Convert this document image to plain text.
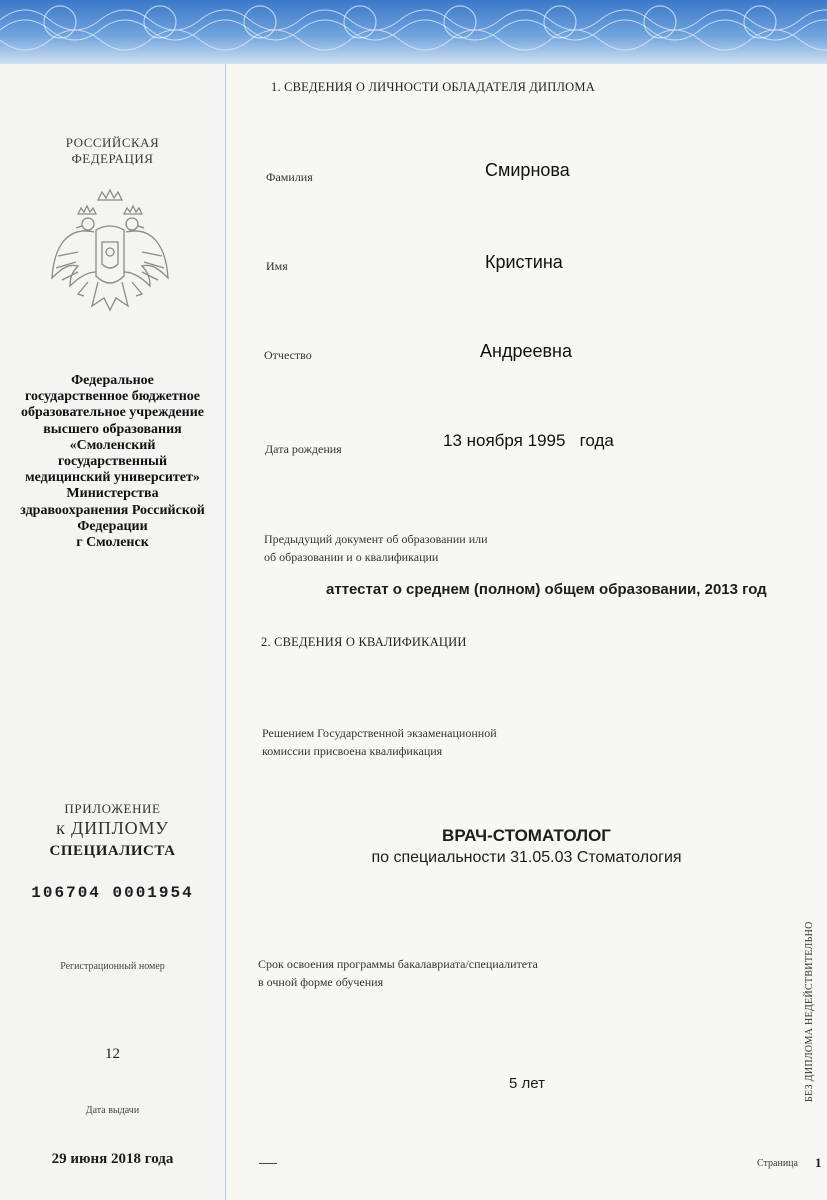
РОССИЙСКАЯ
ФЕДЕРАЦИЯ
Федеральное
государственное бюджетное
образовательное учреждение
высшего образования
«Смоленский
государственный
медицинский университет»
Министерства
здравоохранения Российской
Федерации
г Смоленск
ПРИЛОЖЕНИЕ
к ДИПЛОМУ
СПЕЦИАЛИСТА
106704 0001954
Регистрационный номер
12
Дата выдачи
29 июня 2018 года
1. СВЕДЕНИЯ О ЛИЧНОСТИ ОБЛАДАТЕЛЯ ДИПЛОМА
Фамилия	Смирнова
Имя	Кристина
Отчество	Андреевна
Дата рождения	13 ноября 1995   года
Предыдущий документ об образовании или
об образовании и о квалификации
аттестат о среднем (полном) общем образовании, 2013 год
2. СВЕДЕНИЯ О КВАЛИФИКАЦИИ
Решением Государственной экзаменационной
комиссии присвоена квалификация
ВРАЧ-СТОМАТОЛОГ
по специальности 31.05.03 Стоматология
Срок освоения программы бакалавриата/специалитета
в очной форме обучения
5 лет
Страница 1
БЕЗ ДИПЛОМА НЕДЕЙСТВИТЕЛЬНО
